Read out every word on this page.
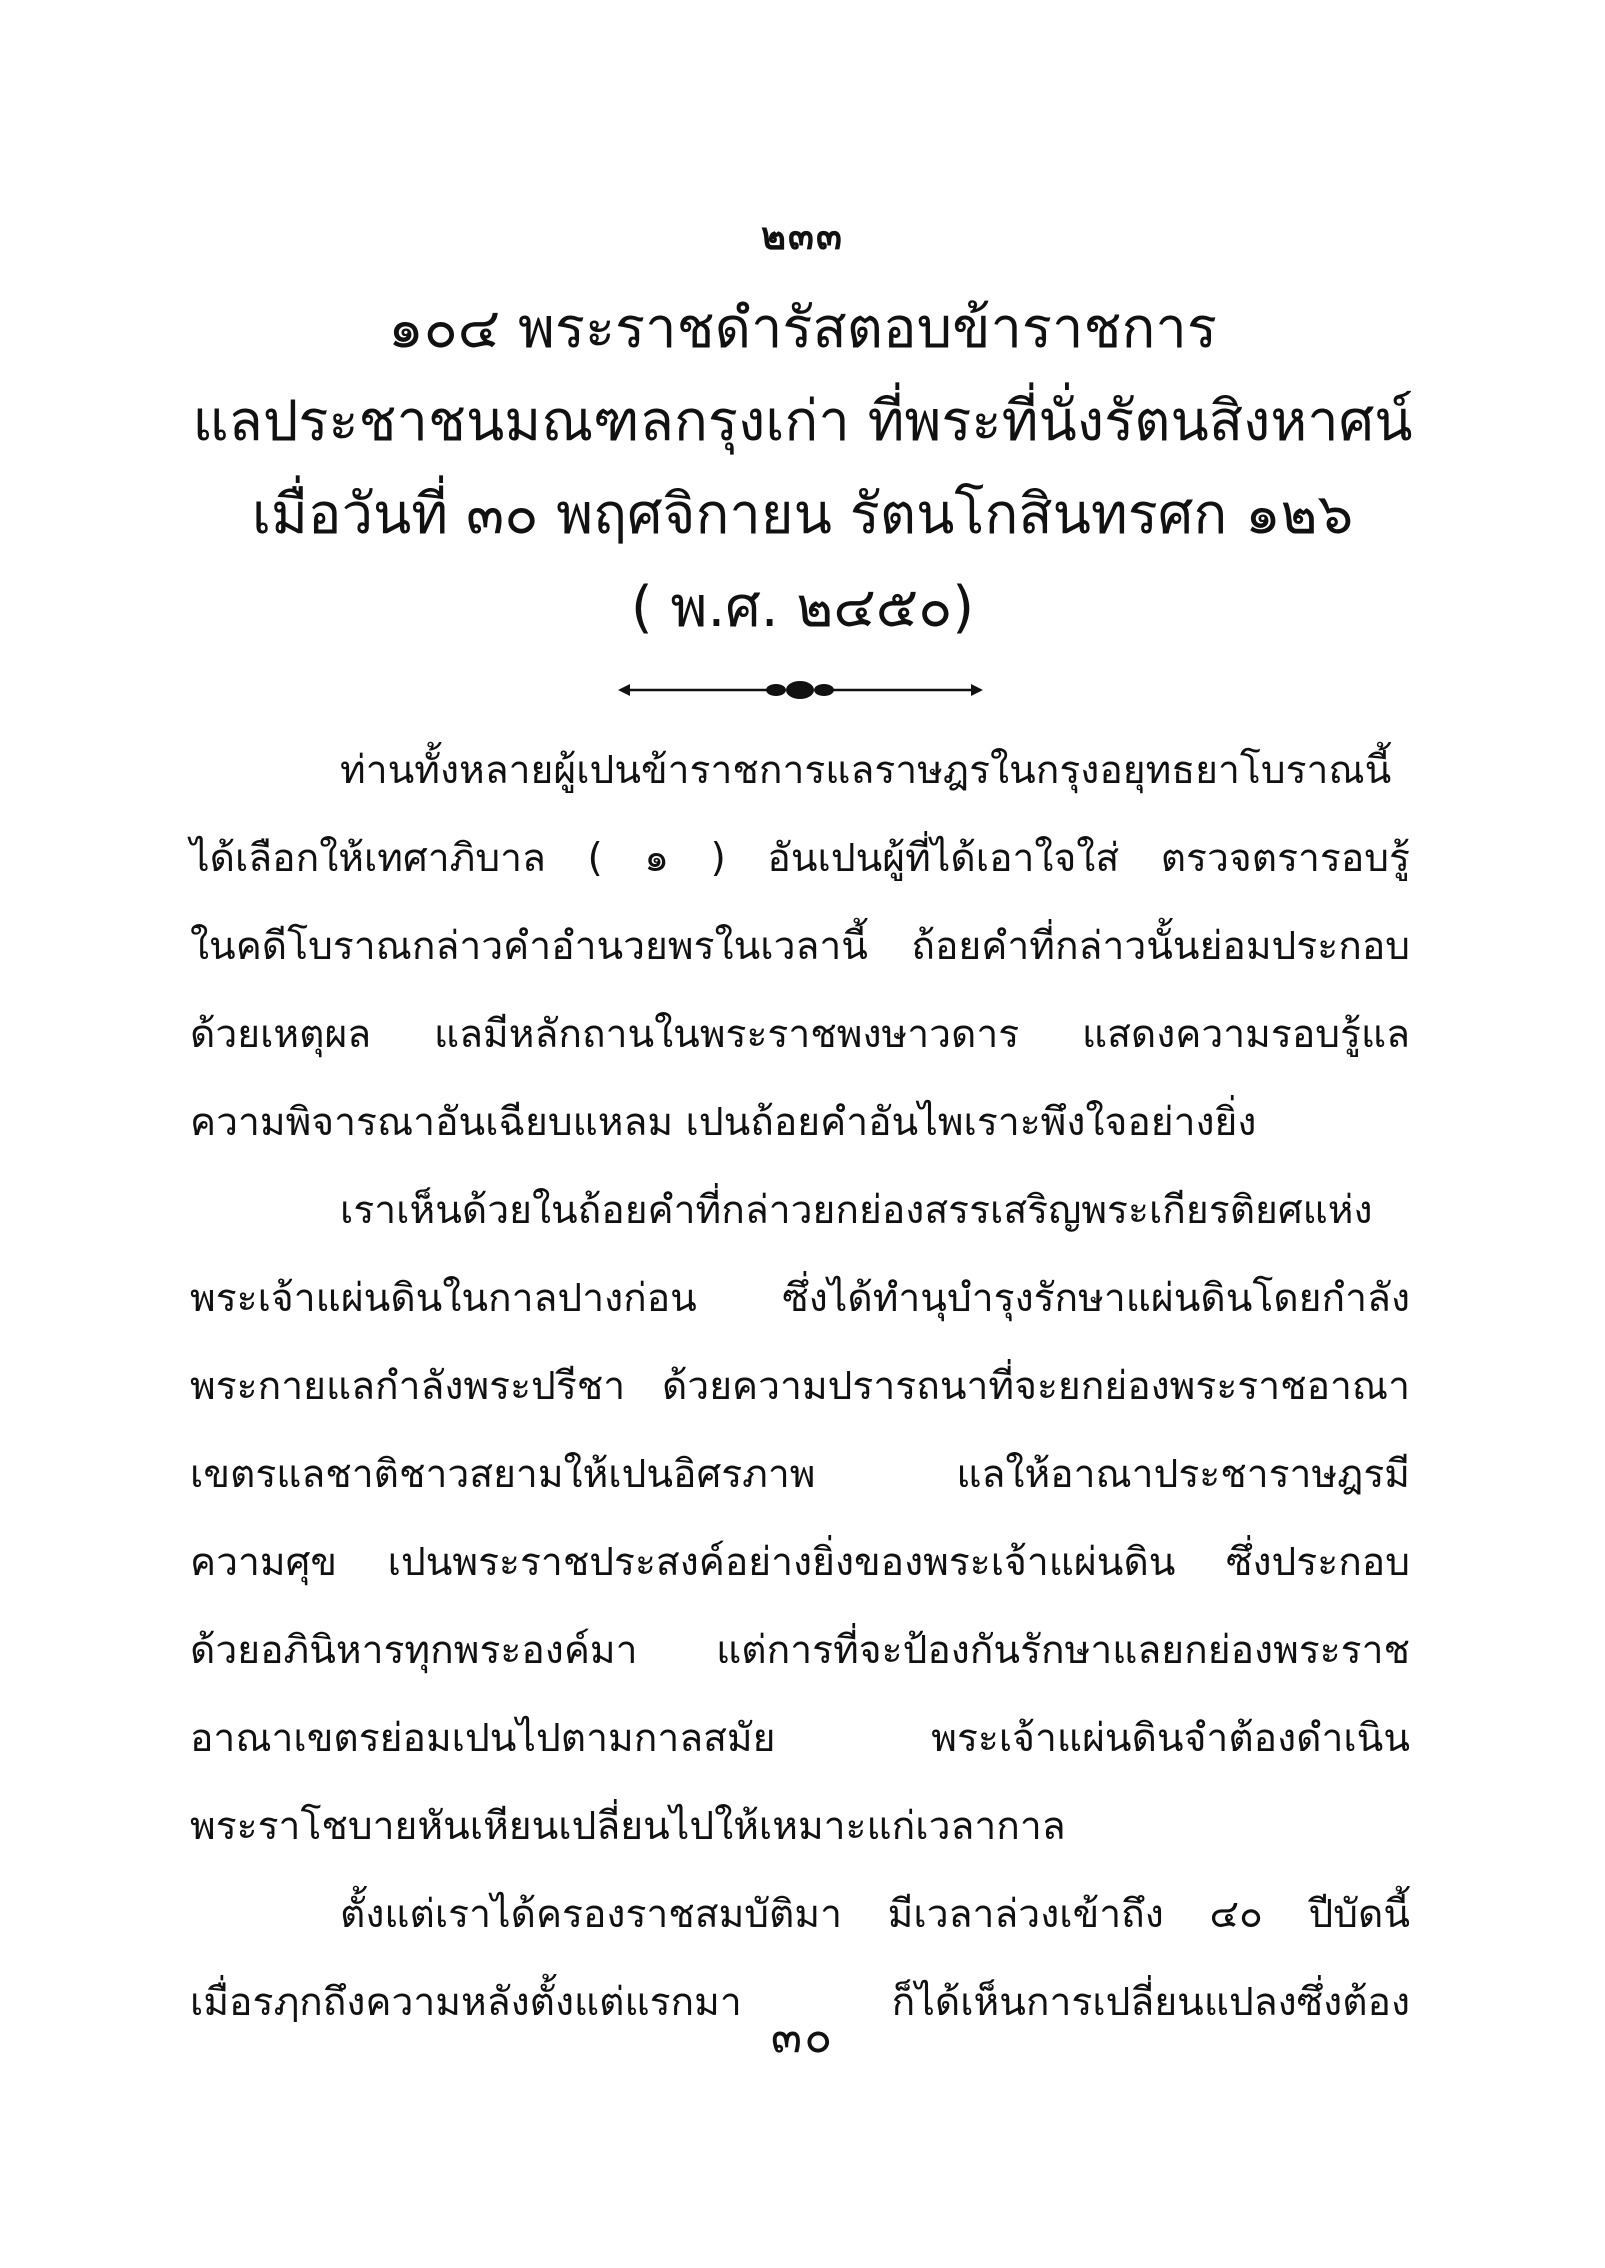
๒๓๓
๑๐๔ พระราชดำรัสตอบข้าราชการ
แลประชาชนมณฑลกรุงเก่า ที่พระที่นั่งรัตนสิงหาศน์
เมื่อวันที่ ๓๐ พฤศจิกายน รัตนโกสินทรศก ๑๒๖
( พ.ศ. ๒๔๕๐)
ท่านทั้งหลายผู้เปนข้าราชการแลราษฎรในกรุงอยุทธยาโบราณนี้
ได้เลือกให้เทศาภิบาล ( ๑ ) อันเปนผู้ที่ได้เอาใจใส่ ตรวจตรารอบรู้
ในคดีโบราณกล่าวคำอำนวยพรในเวลานี้ ถ้อยคำที่กล่าวนั้นย่อมประกอบ
ด้วยเหตุผล แลมีหลักถานในพระราชพงษาวดาร แสดงความรอบรู้แล
ความพิจารณาอันเฉียบแหลม เปนถ้อยคำอันไพเราะพึงใจอย่างยิ่ง
เราเห็นด้วยในถ้อยคำที่กล่าวยกย่องสรรเสริญพระเกียรติยศแห่ง
พระเจ้าแผ่นดินในกาลปางก่อน ซึ่งได้ทำนุบำรุงรักษาแผ่นดินโดยกำลัง
พระกายแลกำลังพระปรีชา ด้วยความปรารถนาที่จะยกย่องพระราชอาณา
เขตรแลชาติชาวสยามให้เปนอิศรภาพ แลให้อาณาประชาราษฎรมี
ความศุข เปนพระราชประสงค์อย่างยิ่งของพระเจ้าแผ่นดิน ซึ่งประกอบ
ด้วยอภินิหารทุกพระองค์มา แต่การที่จะป้องกันรักษาแลยกย่องพระราช
อาณาเขตรย่อมเปนไปตามกาลสมัย พระเจ้าแผ่นดินจำต้องดำเนิน
พระราโชบายหันเหียนเปลี่ยนไปให้เหมาะแก่เวลากาล
ตั้งแต่เราได้ครองราชสมบัติมา มีเวลาล่วงเข้าถึง ๔๐ ปีบัดนี้
เมื่อรฦกถึงความหลังตั้งแต่แรกมา ก็ได้เห็นการเปลี่ยนแปลงซึ่งต้อง
๓๐
